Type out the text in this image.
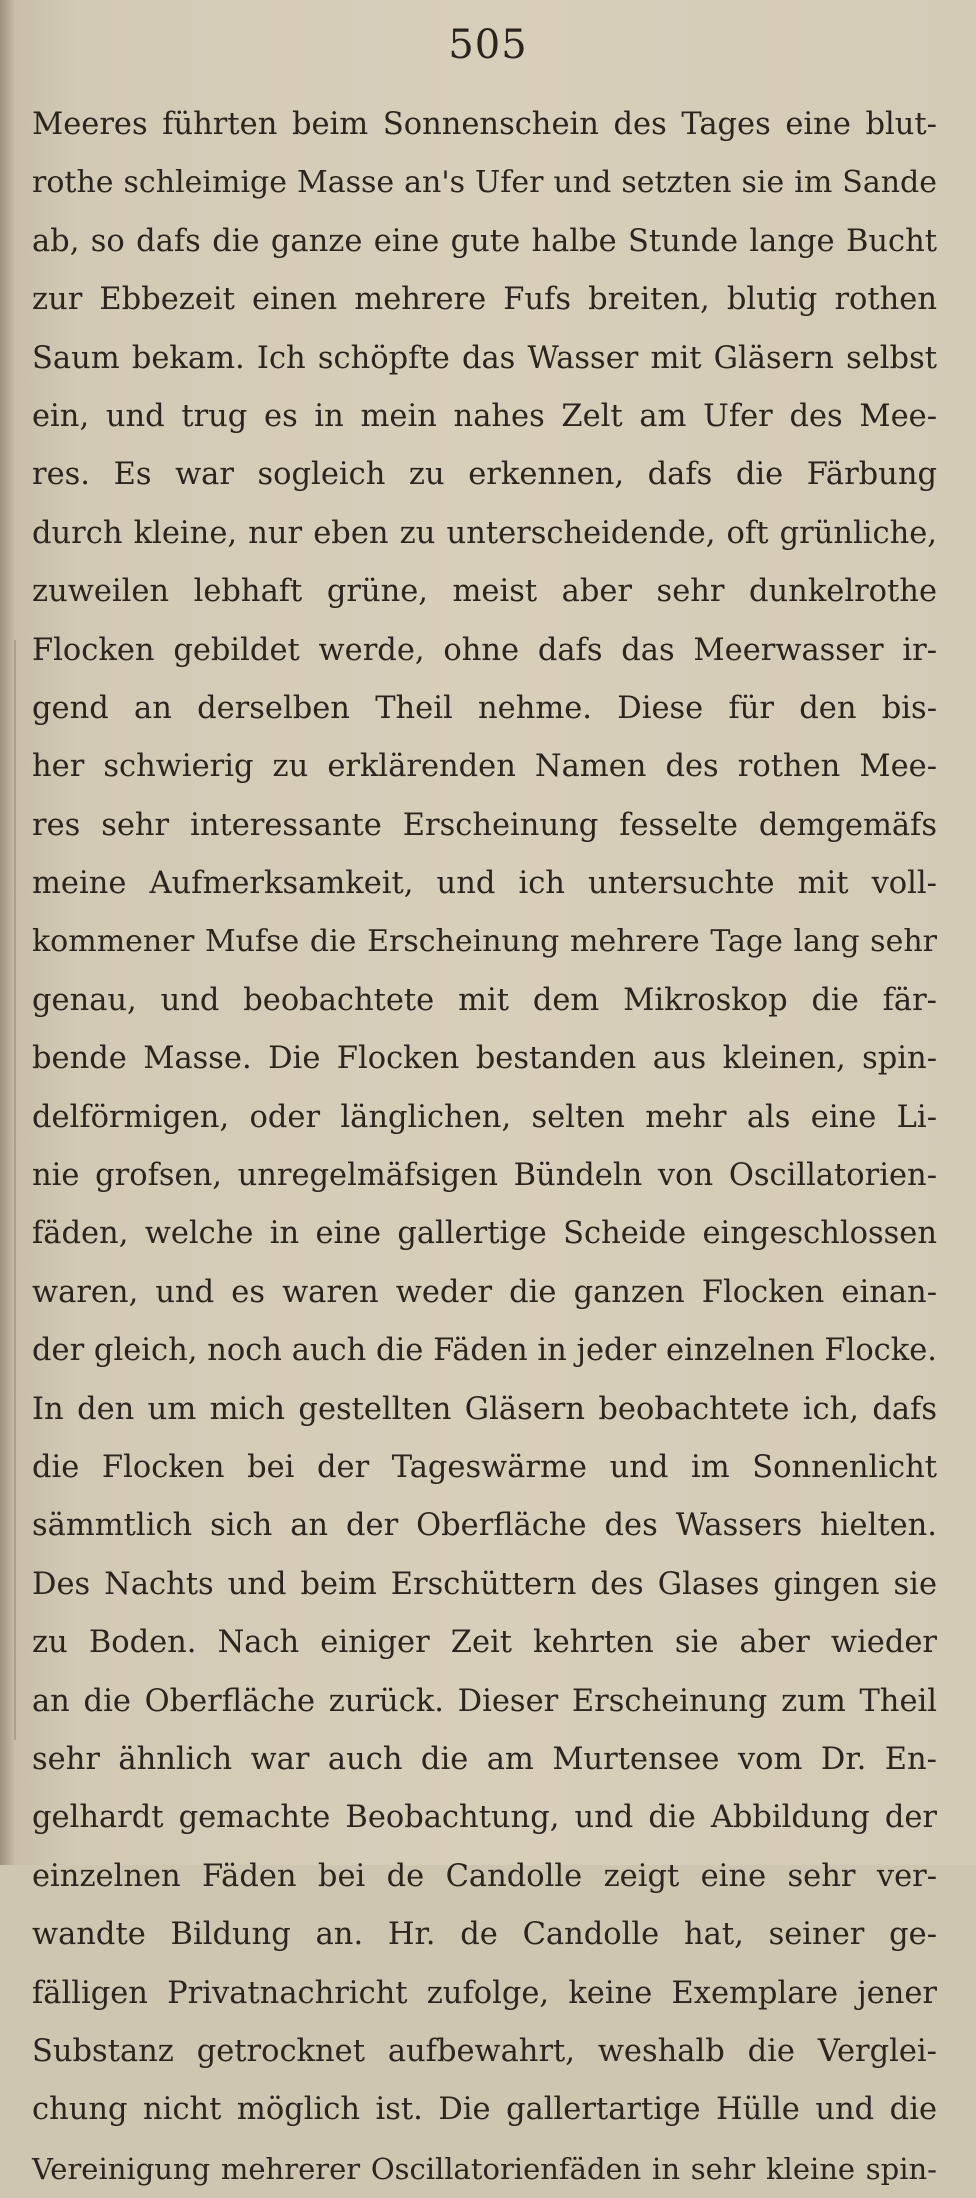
505
Meeres führten beim Sonnenschein des Tages eine blut-
rothe schleimige Masse an's Ufer und setzten sie im Sande
ab, so dafs die ganze eine gute halbe Stunde lange Bucht
zur Ebbezeit einen mehrere Fufs breiten, blutig rothen
Saum bekam. Ich schöpfte das Wasser mit Gläsern selbst
ein, und trug es in mein nahes Zelt am Ufer des Mee-
res. Es war sogleich zu erkennen, dafs die Färbung
durch kleine, nur eben zu unterscheidende, oft grünliche,
zuweilen lebhaft grüne, meist aber sehr dunkelrothe
Flocken gebildet werde, ohne dafs das Meerwasser ir-
gend an derselben Theil nehme. Diese für den bis-
her schwierig zu erklärenden Namen des rothen Mee-
res sehr interessante Erscheinung fesselte demgemäfs
meine Aufmerksamkeit, und ich untersuchte mit voll-
kommener Mufse die Erscheinung mehrere Tage lang sehr
genau, und beobachtete mit dem Mikroskop die fär-
bende Masse. Die Flocken bestanden aus kleinen, spin-
delförmigen, oder länglichen, selten mehr als eine Li-
nie grofsen, unregelmäfsigen Bündeln von Oscillatorien-
fäden, welche in eine gallertige Scheide eingeschlossen
waren, und es waren weder die ganzen Flocken einan-
der gleich, noch auch die Fäden in jeder einzelnen Flocke.
In den um mich gestellten Gläsern beobachtete ich, dafs
die Flocken bei der Tageswärme und im Sonnenlicht
sämmtlich sich an der Oberfläche des Wassers hielten.
Des Nachts und beim Erschüttern des Glases gingen sie
zu Boden. Nach einiger Zeit kehrten sie aber wieder
an die Oberfläche zurück. Dieser Erscheinung zum Theil
sehr ähnlich war auch die am Murtensee vom Dr. En-
gelhardt gemachte Beobachtung, und die Abbildung der
einzelnen Fäden bei de Candolle zeigt eine sehr ver-
wandte Bildung an. Hr. de Candolle hat, seiner ge-
fälligen Privatnachricht zufolge, keine Exemplare jener
Substanz getrocknet aufbewahrt, weshalb die Verglei-
chung nicht möglich ist. Die gallertartige Hülle und die
Vereinigung mehrerer Oscillatorienfäden in sehr kleine spin-
